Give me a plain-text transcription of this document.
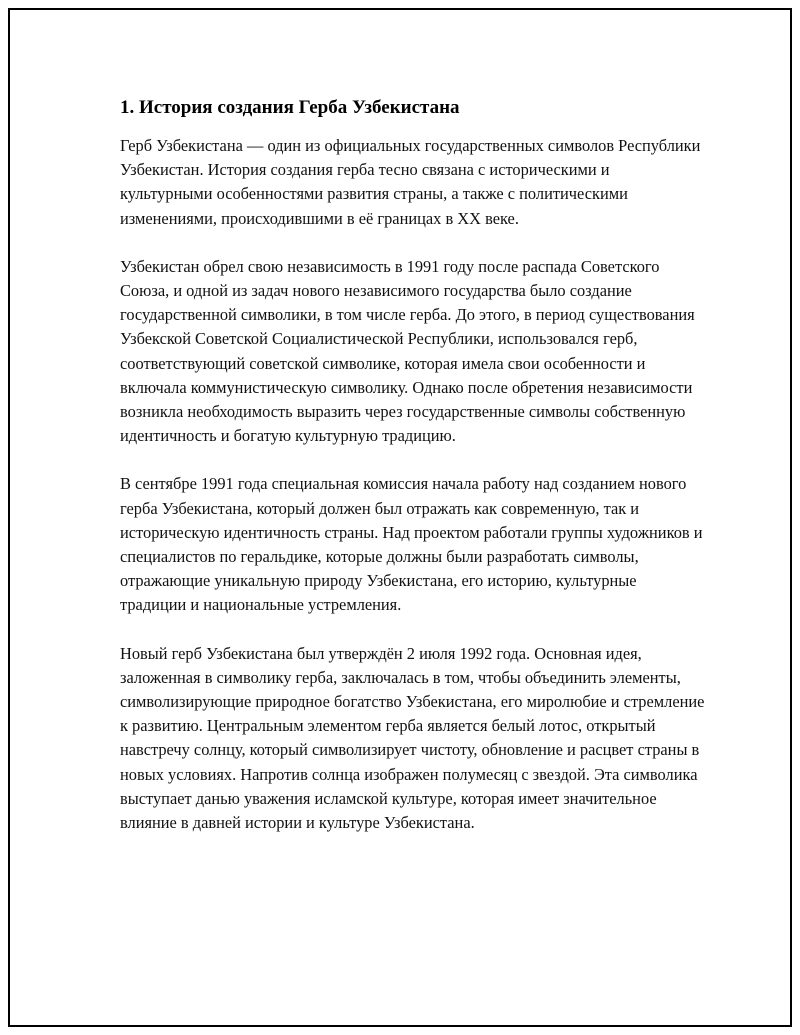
1. История создания Герба Узбекистана

Герб Узбекистана — один из официальных государственных символов Республики Узбекистан. История создания герба тесно связана с историческими и культурными особенностями развития страны, а также с политическими изменениями, происходившими в её границах в XX веке.

Узбекистан обрел свою независимость в 1991 году после распада Советского Союза, и одной из задач нового независимого государства было создание государственной символики, в том числе герба. До этого, в период существования Узбекской Советской Социалистической Республики, использовался герб, соответствующий советской символике, которая имела свои особенности и включала коммунистическую символику. Однако после обретения независимости возникла необходимость выразить через государственные символы собственную идентичность и богатую культурную традицию.

В сентябре 1991 года специальная комиссия начала работу над созданием нового герба Узбекистана, который должен был отражать как современную, так и историческую идентичность страны. Над проектом работали группы художников и специалистов по геральдике, которые должны были разработать символы, отражающие уникальную природу Узбекистана, его историю, культурные традиции и национальные устремления.

Новый герб Узбекистана был утверждён 2 июля 1992 года. Основная идея, заложенная в символику герба, заключалась в том, чтобы объединить элементы, символизирующие природное богатство Узбекистана, его миролюбие и стремление к развитию. Центральным элементом герба является белый лотос, открытый навстречу солнцу, который символизирует чистоту, обновление и расцвет страны в новых условиях. Напротив солнца изображен полумесяц с звездой. Эта символика выступает данью уважения исламской культуре, которая имеет значительное влияние в давней истории и культуре Узбекистана.
